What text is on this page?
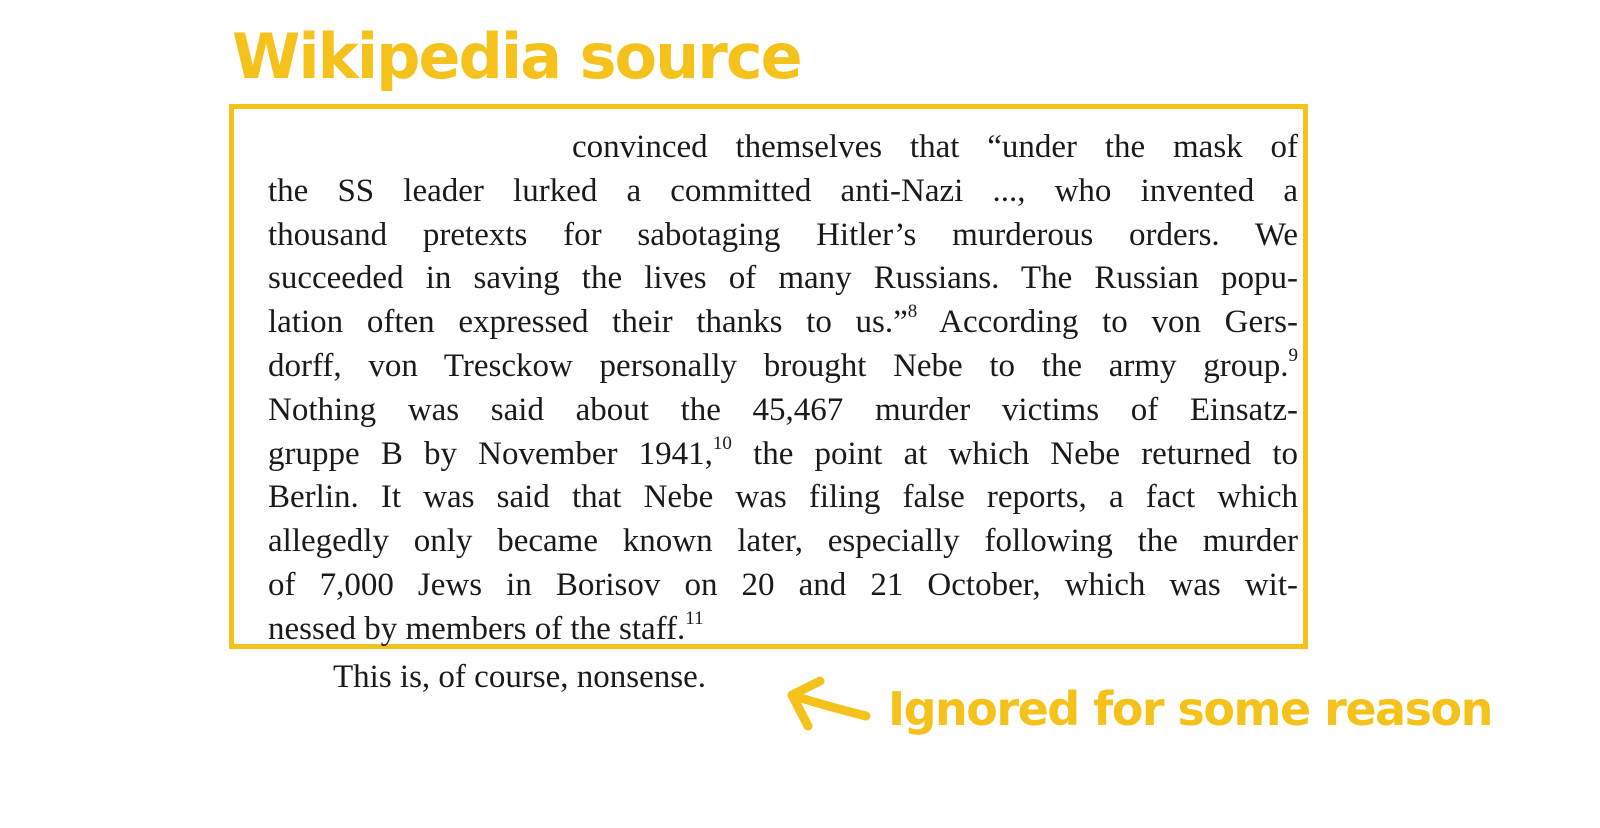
Wikipedia source
convinced themselves that “under the mask of
the SS leader lurked a committed anti-Nazi ..., who invented a
thousand pretexts for sabotaging Hitler’s murderous orders. We
succeeded in saving the lives of many Russians. The Russian popu-
lation often expressed their thanks to us.”$^8$ According to von Gers-
dorff, von Tresckow personally brought Nebe to the army group.$^9$
Nothing was said about the 45,467 murder victims of Einsatz-
gruppe B by November 1941,10 the point at which Nebe returned to
Berlin. It was said that Nebe was filing false reports, a fact which
allegedly only became known later, especially following the murder
of 7,000 Jews in Borisov on 20 and 21 October, which was wit-
nessed by members of the staff.$^{11}$
This is, of course, nonsense.
Ignored for some reason
